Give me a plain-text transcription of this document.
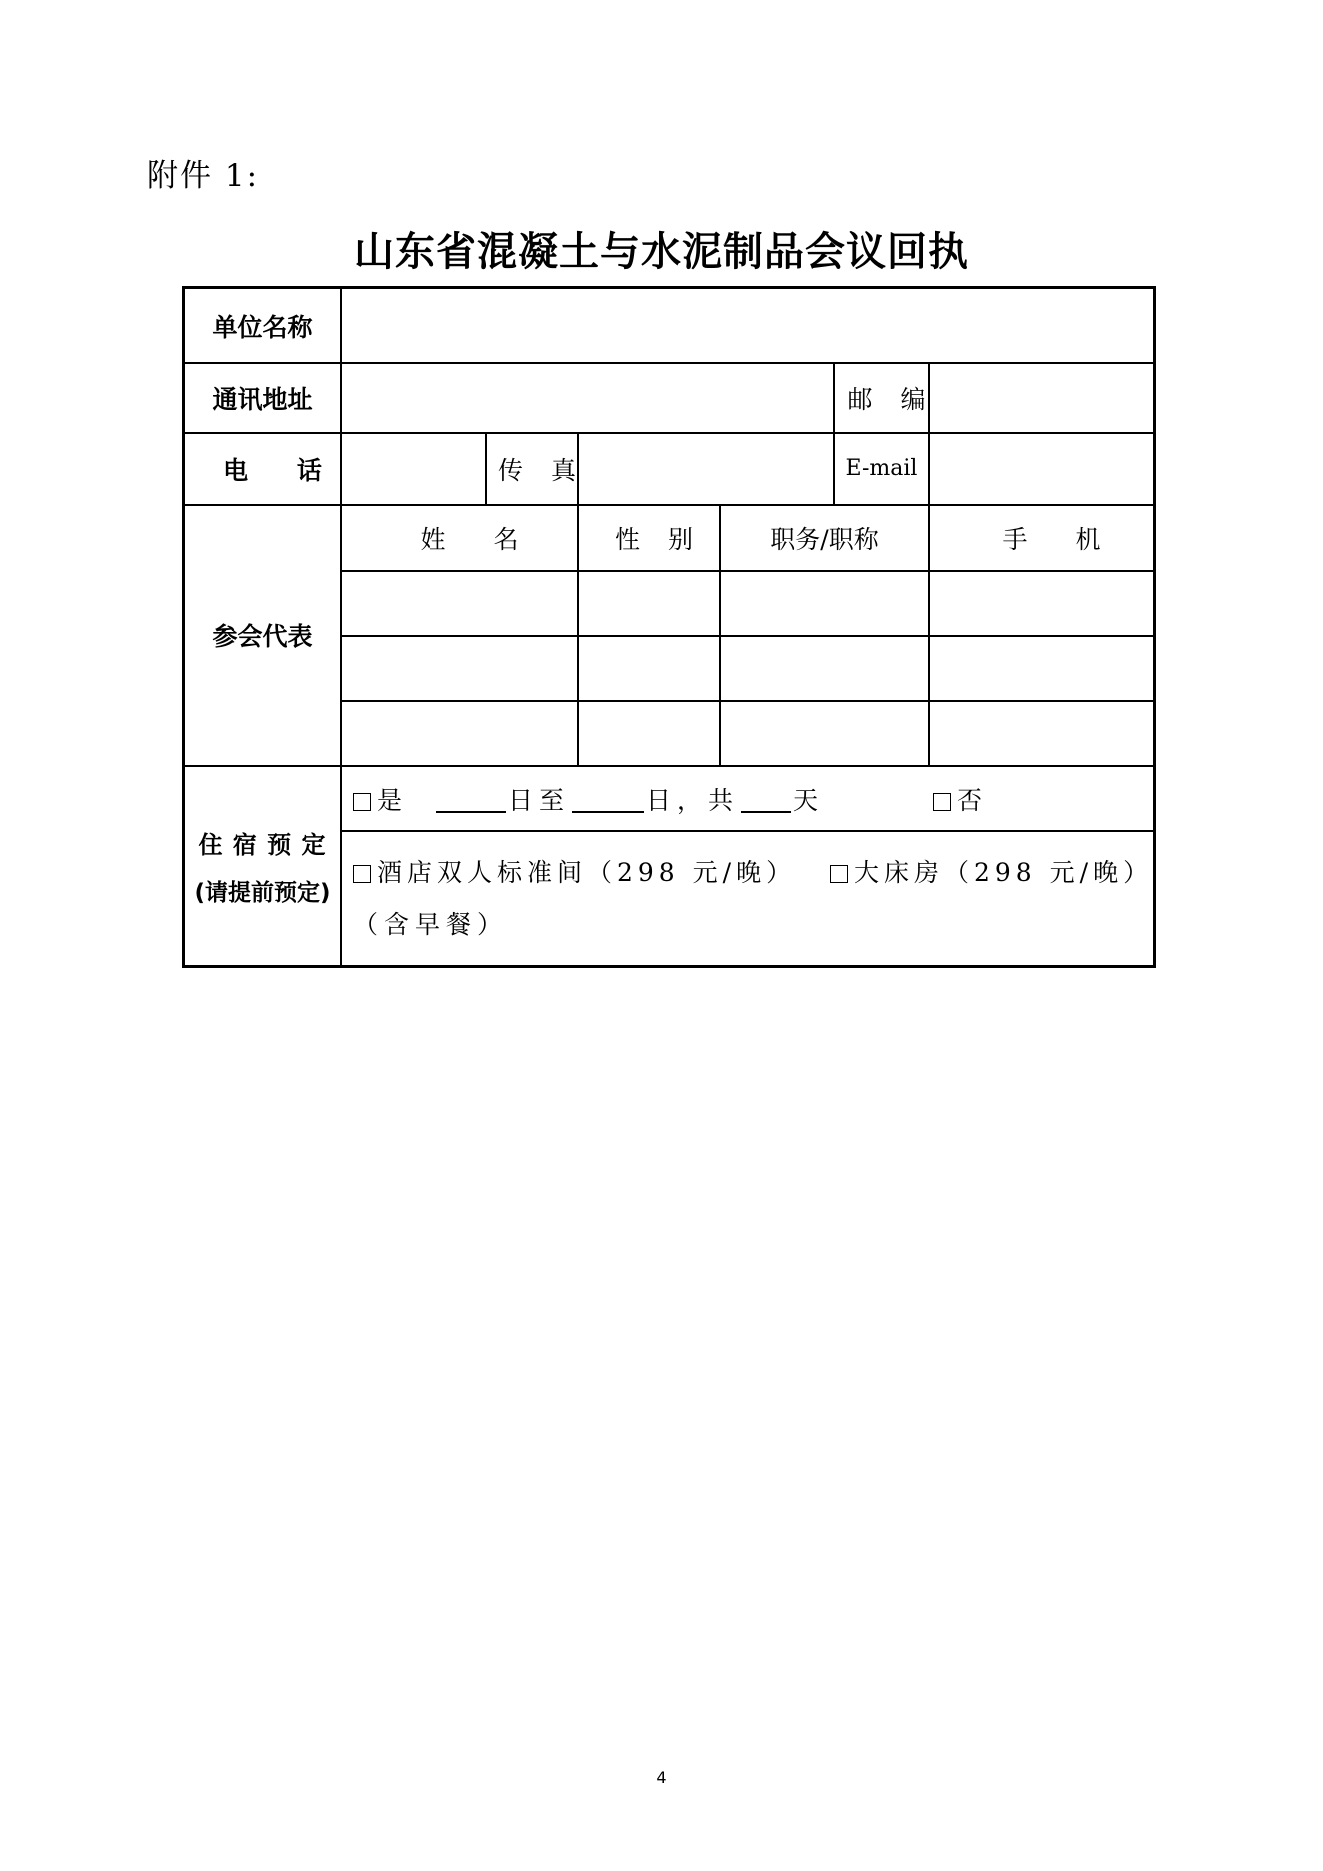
附件 1:
山东省混凝土与水泥制品会议回执
单位名称
通讯地址	邮 编
电 话	传 真	E-mail
参会代表
姓 名	性 别	职务/职称	手 机
住 宿 预 定
(请提前预定)
是	日至	日，共 天	否
酒店双人标准间（298 元/晚）	大床房（298 元/晚）
（含早餐）
4
